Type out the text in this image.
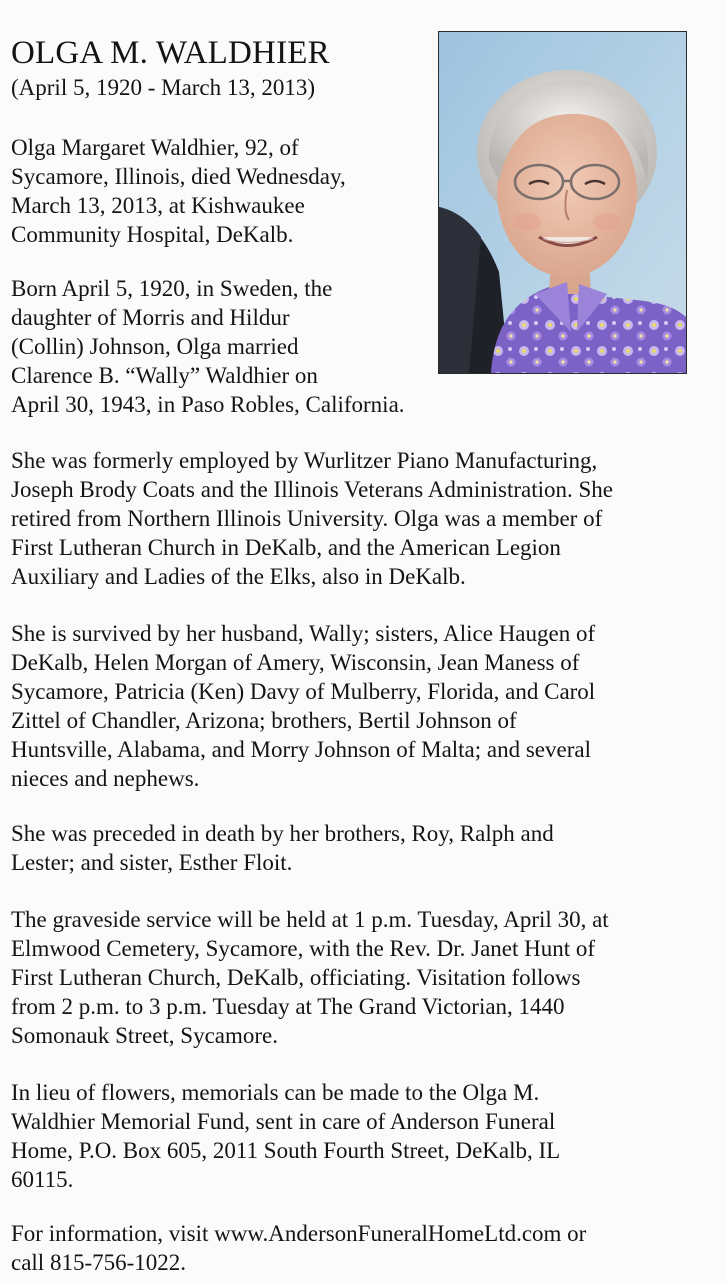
OLGA M. WALDHIER
(April 5, 1920 - March 13, 2013)

Olga Margaret Waldhier, 92, of
Sycamore, Illinois, died Wednesday,
March 13, 2013, at Kishwaukee
Community Hospital, DeKalb.

Born April 5, 1920, in Sweden, the
daughter of Morris and Hildur
(Collin) Johnson, Olga married
Clarence B. “Wally” Waldhier on
April 30, 1943, in Paso Robles, California.

She was formerly employed by Wurlitzer Piano Manufacturing,
Joseph Brody Coats and the Illinois Veterans Administration. She
retired from Northern Illinois University. Olga was a member of
First Lutheran Church in DeKalb, and the American Legion
Auxiliary and Ladies of the Elks, also in DeKalb.

She is survived by her husband, Wally; sisters, Alice Haugen of
DeKalb, Helen Morgan of Amery, Wisconsin, Jean Maness of
Sycamore, Patricia (Ken) Davy of Mulberry, Florida, and Carol
Zittel of Chandler, Arizona; brothers, Bertil Johnson of
Huntsville, Alabama, and Morry Johnson of Malta; and several
nieces and nephews.

She was preceded in death by her brothers, Roy, Ralph and
Lester; and sister, Esther Floit.

The graveside service will be held at 1 p.m. Tuesday, April 30, at
Elmwood Cemetery, Sycamore, with the Rev. Dr. Janet Hunt of
First Lutheran Church, DeKalb, officiating. Visitation follows
from 2 p.m. to 3 p.m. Tuesday at The Grand Victorian, 1440
Somonauk Street, Sycamore.

In lieu of flowers, memorials can be made to the Olga M.
Waldhier Memorial Fund, sent in care of Anderson Funeral
Home, P.O. Box 605, 2011 South Fourth Street, DeKalb, IL
60115.

For information, visit www.AndersonFuneralHomeLtd.com or
call 815-756-1022.
